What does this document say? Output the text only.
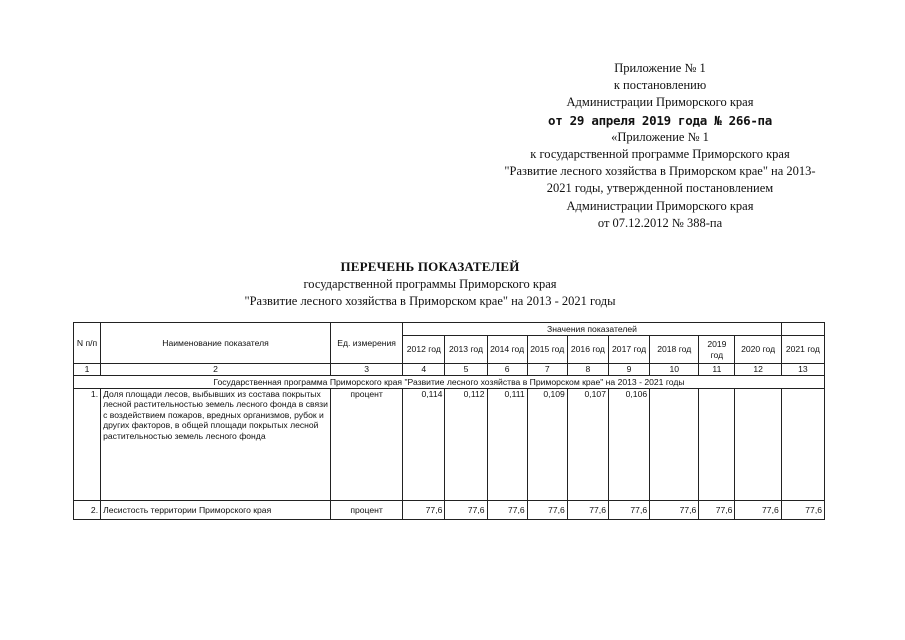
Приложение № 1
к постановлению
Администрации Приморского края
от 29 апреля 2019 года № 266-па
«Приложение № 1
к государственной программе Приморского края
"Развитие лесного хозяйства в Приморском крае" на 2013-
2021 годы, утвержденной постановлением
Администрации Приморского края
от 07.12.2012 № 388-па
ПЕРЕЧЕНЬ ПОКАЗАТЕЛЕЙ
государственной программы Приморского края
"Развитие лесного хозяйства в Приморском крае" на 2013 - 2021 годы
N п/п	Наименование показателя	Ед. измерения	Значения показателей									
			2012 год	2013 год	2014 год	2015 год	2016 год	2017 год	2018 год	2019 год	2020 год	2021 год
1	2	3	4	5	6	7	8	9	10	11	12	13
Государственная программа Приморского края "Развитие лесного хозяйства в Приморском крае" на 2013 - 2021 годы												
1.	Доля площади лесов, выбывших из состава покрытых лесной растительностью земель лесного фонда в связи с воздействием пожаров, вредных организмов, рубок и других факторов, в общей площади покрытых лесной растительностью земель лесного фонда	процент	0,114	0,112	0,111	0,109	0,107	0,106				
2.	Лесистость территории Приморского края	процент	77,6	77,6	77,6	77,6	77,6	77,6	77,6	77,6	77,6	77,6
